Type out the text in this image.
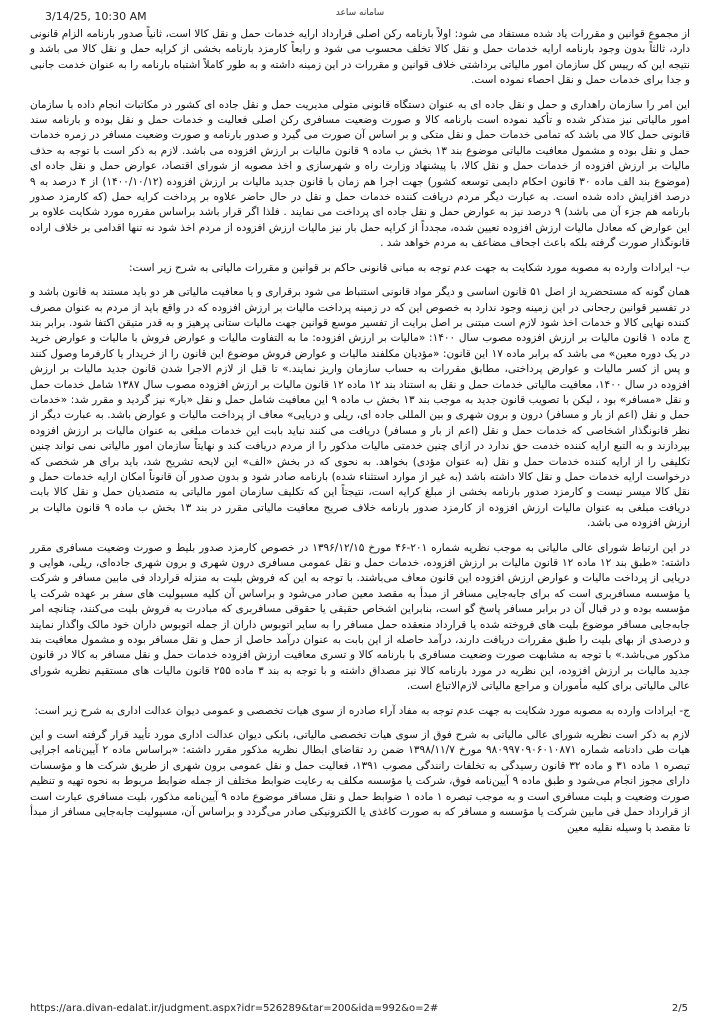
3/14/25, 10:30 AM	سامانه ساعد

از مجموع قوانین و مقررات یاد شده مستفاد می شود: اولاً بارنامه رکن اصلی قرارداد ارایه خدمات حمل و نقل کالا است، ثانیاً صدور بارنامه الزام قانونی دارد، ثالثاً بدون وجود بارنامه ارایه خدمات حمل و نقل کالا تخلف محسوب می شود و رابعاً کارمزد بارنامه بخشی از کرایه حمل و نقل کالا می باشد و نتیجه این که رییس کل سازمان امور مالیاتی برداشتی خلاف قوانین و مقررات در این زمینه داشته و به طور کاملاً اشتباه بارنامه را به عنوان خدمت جانبی و جدا برای خدمات حمل و نقل احصاء نموده است.

این امر را سازمان راهداری و حمل و نقل جاده ای به عنوان دستگاه قانونی متولی مدیریت حمل و نقل جاده ای کشور در مکاتبات انجام داده با سازمان امور مالیاتی نیز متذکر شده و تأکید نموده است بارنامه کالا و صورت وضعیت مسافری رکن اصلی فعالیت و خدمات حمل و نقل بوده و بارنامه سند قانونی حمل کالا می باشد که تمامی خدمات حمل و نقل متکی و بر اساس آن صورت می گیرد و صدور بارنامه و صورت وضعیت مسافر در زمره خدمات حمل و نقل بوده و مشمول معافیت مالیاتی موضوع بند ۱۳ بخش ب ماده ۹ قانون مالیات بر ارزش افزوده می باشد. لازم به ذکر است با توجه به حذف مالیات بر ارزش افزوده از خدمات حمل و نقل کالا، با پیشنهاد وزارت راه و شهرسازی و اخذ مصوبه از شورای اقتصاد، عوارض حمل و نقل جاده ای (موضوع بند الف ماده ۳۰ قانون احکام دایمی توسعه کشور) جهت اجرا هم زمان با قانون جدید مالیات بر ارزش افزوده (۱۴۰۰/۱۰/۱۲) از ۴ درصد به ۹ درصد افزایش داده شده است. به عبارت دیگر مردم دریافت کننده خدمات حمل و نقل در حال حاضر علاوه بر پرداخت کرایه حمل (که کارمزد صدور بارنامه هم جزء آن می باشد) ۹ درصد نیز به عوارض حمل و نقل جاده ای پرداخت می نمایند . فلذا اگر قرار باشد براساس مقرره مورد شکایت علاوه بر این عوارض که معادل مالیات ارزش افزوده تعیین شده، مجدداً از کرایه حمل بار نیز مالیات ارزش افزوده از مردم اخذ شود نه تنها اقدامی بر خلاف اراده قانونگذار صورت گرفته بلکه باعث اجحاف مضاعف به مردم خواهد شد .

ب- ایرادات وارده به مصوبه مورد شکایت به جهت عدم توجه به مبانی قانونی حاکم بر قوانین و مقررات مالیاتی به شرح زیر است:

همان گونه که مستحضرید از اصل ۵۱ قانون اساسی و دیگر مواد قانونی استنباط می شود برقراری و یا معافیت مالیاتی هر دو باید مستند به قانون باشد و در تفسیر قوانین رجحانی در این زمینه وجود ندارد به خصوص این که در زمینه پرداخت مالیات بر ارزش افزوده که در واقع باید از مردم به عنوان مصرف کننده نهایی کالا و خدمات اخذ شود لازم است مبتنی بر اصل برایت از تفسیر موسع قوانین جهت مالیات ستانی پرهیز و به قدر متیقن اکتفا شود. برابر بند ج ماده ۱ قانون مالیات بر ارزش افزوده مصوب سال ۱۴۰۰: «مالیات بر ارزش افزوده: ما به التفاوت مالیات و عوارض فروش با مالیات و عوارض خرید در یک دوره معین» می باشد که برابر ماده ۱۷ این قانون: «مؤدیان مکلفند مالیات و عوارض فروش موضوع این قانون را از خریدار یا کارفرما وصول کنند و پس از کسر مالیات و عوارض پرداختی، مطابق مقررات به حساب سازمان واریز نمایند.» تا قبل از لازم الاجرا شدن قانون جدید مالیات بر ارزش افزوده در سال ۱۴۰۰، معافیت مالیاتی خدمات حمل و نقل به استناد بند ۱۲ ماده ۱۲ قانون مالیات بر ارزش افزوده مصوب سال ۱۳۸۷ شامل خدمات حمل و نقل «مسافر» بود ، لیکن با تصویب قانون جدید به موجب بند ۱۳ بخش ب ماده ۹ این معافیت شامل حمل و نقل «بار» نیز گردید و مقرر شد: «خدمات حمل و نقل (اعم از بار و مسافر) درون و برون شهری و بین المللی جاده ای، ریلی و دریایی» معاف از پرداخت مالیات و عوارض باشد. به عبارت دیگر از نظر قانونگذار اشخاصی که خدمات حمل و نقل (اعم از بار و مسافر) دریافت می کنند نباید بابت این خدمات مبلغی به عنوان مالیات بر ارزش افزوده بپردازند و به التبع ارایه کننده خدمت حق ندارد در ازای چنین خدمتی مالیات مذکور را از مردم دریافت کند و نهایتاً سازمان امور مالیاتی نمی تواند چنین تکلیفی را از ارایه کننده خدمات حمل و نقل (به عنوان مؤدی) بخواهد. به نحوی که در بخش «الف» این لایحه تشریح شد، باید برای هر شخصی که درخواست ارایه خدمات حمل و نقل کالا داشته باشد (به غیر از موارد استثناء شده) بارنامه صادر شود و بدون صدور آن قانوناً امکان ارایه خدمات حمل و نقل کالا میسر نیست و کارمزد صدور بارنامه بخشی از مبلغ کرایه است، نتیجتاً این که تکلیف سازمان امور مالیاتی به متصدیان حمل و نقل کالا بابت دریافت مبلغی به عنوان مالیات ارزش افزوده از کارمزد صدور بارنامه خلاف صریح معافیت مالیاتی مقرر در بند ۱۳ بخش ب ماده ۹ قانون مالیات بر ارزش افزوده می باشد.

در این ارتباط شورای عالی مالیاتی به موجب نظریه شماره ۲۰۱-۴۶ مورخ ۱۳۹۶/۱۲/۱۵ در خصوص کارمزد صدور بلیط و صورت وضعیت مسافری مقرر داشته: «طبق بند ۱۲ ماده ۱۲ قانون مالیات بر ارزش افزوده، خدمات حمل و نقل عمومی مسافری درون شهری و برون شهری جاده‌ای، ریلی، هوایی و دریایی از پرداخت مالیات و عوارض ارزش افزوده این قانون معاف می‌باشند. با توجه به این که فروش بلیت به منزله قرارداد فی مابین مسافر و شرکت یا مؤسسه مسافربری است که برای جابه‌جایی مسافر از مبدأ به مقصد معین صادر می‌شود و براساس آن کلیه مسیولیت های سفر بر عهده شرکت یا مؤسسه بوده و در قبال آن در برابر مسافر پاسخ گو است، بنابراین اشخاص حقیقی یا حقوقی مسافربری که مبادرت به فروش بلیت می‌کنند، چنانچه امر جابه‌جایی مسافر موضوع بلیت های فروخته شده یا قرارداد منعقده حمل مسافر را به سایر اتوبوس داران از جمله اتوبوس داران خود مالک واگذار نمایند و درصدی از بهای بلیت را طبق مقررات دریافت دارند، درآمد حاصله از این بابت به عنوان درآمد حاصل از حمل و نقل مسافر بوده و مشمول معافیت بند مذکور می‌باشد.» با توجه به مشابهت صورت وضعیت مسافری با بارنامه کالا و تسری معافیت ارزش افزوده خدمات حمل و نقل مسافر به کالا در قانون جدید مالیات بر ارزش افزوده، این نظریه در مورد بارنامه کالا نیز مصداق داشته و با توجه به بند ۳ ماده ۲۵۵ قانون مالیات های مستقیم نظریه شورای عالی مالیاتی برای کلیه مأموران و مراجع مالیاتی لازم‌الاتباع است.

ج- ایرادات وارده به مصوبه مورد شکایت به جهت عدم توجه به مفاد آراء صادره از سوی هیات تخصصی و عمومی دیوان عدالت اداری به شرح زیر است:

لازم به ذکر است نظریه شورای عالی مالیاتی به شرح فوق از سوی هیات تخصصی مالیاتی، بانکی دیوان عدالت اداری مورد تأیید قرار گرفته است و این هیات طی دادنامه شماره ۹۸۰۹۹۷۰۹۰۶۰۱۰۸۷۱ مورخ ۱۳۹۸/۱۱/۷ ضمن رد تقاضای ابطال نظریه مذکور مقرر داشته: «براساس ماده ۲ آیین‌نامه اجرایی تبصره ۱ ماده ۳۱ و ماده ۳۲ قانون رسیدگی به تخلفات رانندگی مصوب ۱۳۹۱، فعالیت حمل و نقل عمومی برون شهری از طریق شرکت ها و مؤسسات دارای مجوز انجام می‌شود و طبق ماده ۹ آیین‌نامه فوق، شرکت یا مؤسسه مکلف به رعایت ضوابط مختلف از جمله ضوابط مربوط به نحوه تهیه و تنظیم صورت وضعیت و بلیت مسافری است و به موجب تبصره ۱ ماده ۱ ضوابط حمل و نقل مسافر موضوع ماده ۹ آیین‌نامه مذکور، بلیت مسافری عبارت است از قرارداد حمل فی مابین شرکت یا مؤسسه و مسافر که به صورت کاغذی یا الکترونیکی صادر می‌گردد و براساس آن، مسیولیت جابه‌جایی مسافر از مبدأ تا مقصد با وسیله نقلیه معین

https://ara.divan-edalat.ir/judgment.aspx?idr=526289&tar=200&ida=992&o=2#	2/5
